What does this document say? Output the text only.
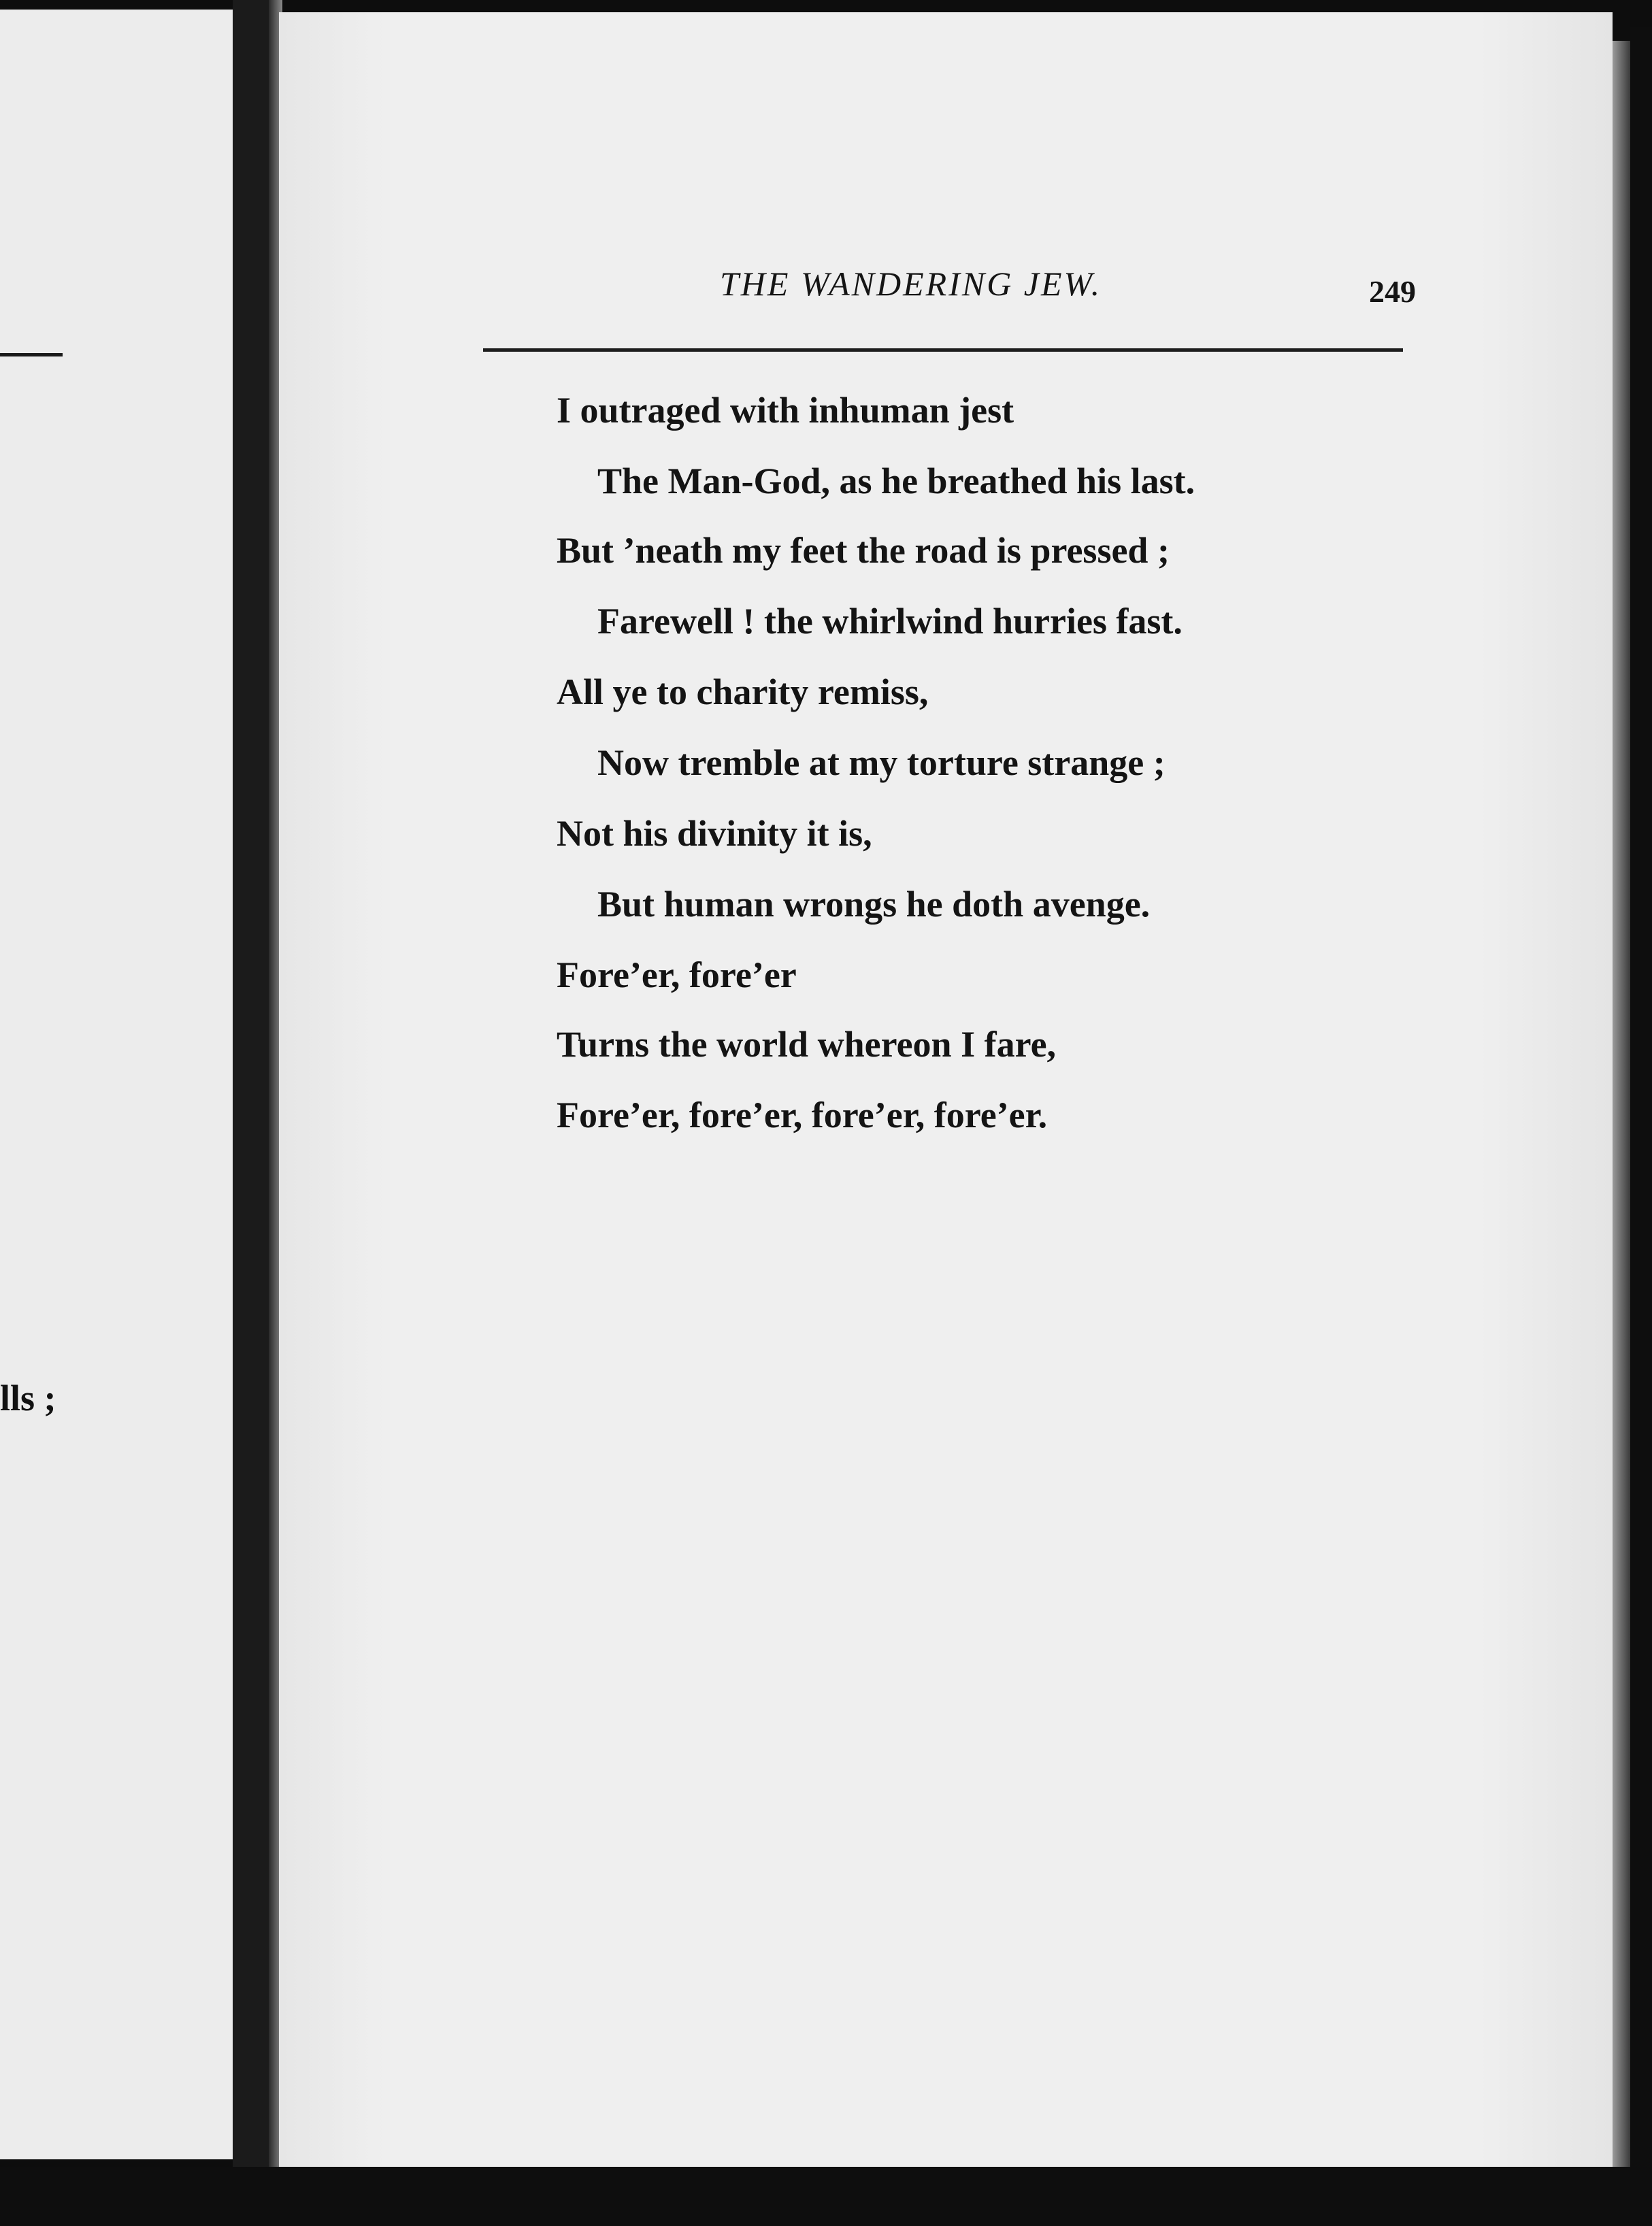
lls ;
THE WANDERING JEW.	249
I outraged with inhuman jest
The Man-God, as he breathed his last.
But ’neath my feet the road is pressed ;
Farewell ! the whirlwind hurries fast.
All ye to charity remiss,
Now tremble at my torture strange ;
Not his divinity it is,
But human wrongs he doth avenge.
Fore’er, fore’er
Turns the world whereon I fare,
Fore’er, fore’er, fore’er, fore’er.
